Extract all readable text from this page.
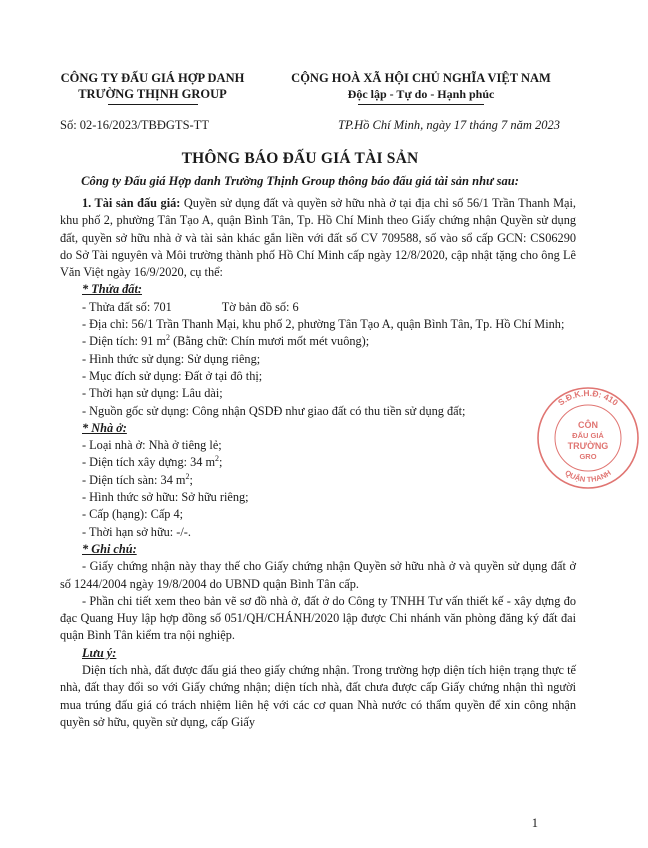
CÔNG TY ĐẤU GIÁ HỢP DANH
TRƯỜNG THỊNH GROUP
CỘNG HOÀ XÃ HỘI CHỦ NGHĨA VIỆT NAM
Độc lập - Tự do - Hạnh phúc
Số: 02-16/2023/TBĐGTS-TT	TP.Hồ Chí Minh, ngày 17 tháng 7 năm 2023
THÔNG BÁO ĐẤU GIÁ TÀI SẢN
Công ty Đấu giá Hợp danh Trường Thịnh Group thông báo đấu giá tài sản như sau:

1. Tài sản đấu giá: Quyền sử dụng đất và quyền sở hữu nhà ở tại địa chỉ số 56/1 Trần Thanh Mại, khu phố 2, phường Tân Tạo A, quận Bình Tân, Tp. Hồ Chí Minh theo Giấy chứng nhận Quyền sử dụng đất, quyền sở hữu nhà ở và tài sản khác gắn liền với đất số CV 709588, số vào sổ cấp GCN: CS06290 do Sở Tài nguyên và Môi trường thành phố Hồ Chí Minh cấp ngày 12/8/2020, cập nhật tặng cho ông Lê Văn Việt ngày 16/9/2020, cụ thể:

* Thửa đất:

- Thửa đất số: 701	Tờ bản đồ số: 6

- Địa chỉ: 56/1 Trần Thanh Mại, khu phố 2, phường Tân Tạo A, quận Bình Tân, Tp. Hồ Chí Minh;

- Diện tích: 91 $m^2$ (Bằng chữ: Chín mươi mốt mét vuông);

- Hình thức sử dụng: Sử dụng riêng;

- Mục đích sử dụng: Đất ở tại đô thị;

- Thời hạn sử dụng: Lâu dài;

- Nguồn gốc sử dụng: Công nhận QSDĐ như giao đất có thu tiền sử dụng đất;

* Nhà ở:

- Loại nhà ở: Nhà ở tiêng lẻ;

- Diện tích xây dựng: 34 $m^2$;

- Diện tích sàn: 34 $m^2$;

- Hình thức sở hữu: Sở hữu riêng;

- Cấp (hạng): Cấp 4;

- Thời hạn sở hữu: -/-.

* Ghi chú:

- Giấy chứng nhận này thay thế cho Giấy chứng nhận Quyền sở hữu nhà ở và quyền sử dụng đất ở số 1244/2004 ngày 19/8/2004 do UBND quận Bình Tân cấp.

- Phần chi tiết xem theo bản vẽ sơ đồ nhà ở, đất ở do Công ty TNHH Tư vấn thiết kế - xây dựng đo đạc Quang Huy lập hợp đồng số 051/QH/CHÁNH/2020 lập được Chi nhánh văn phòng đăng ký đất đai quận Bình Tân kiểm tra nội nghiệp.

Lưu ý:

Diện tích nhà, đất được đấu giá theo giấy chứng nhận. Trong trường hợp diện tích hiện trạng thực tế nhà, đất thay đổi so với Giấy chứng nhận; diện tích nhà, đất chưa được cấp Giấy chứng nhận thì người mua trúng đấu giá có trách nhiệm liên hệ với các cơ quan Nhà nước có thẩm quyền để xin công nhận quyền sở hữu, quyền sử dụng, cấp Giấy

1
S.Đ.K.H.Đ: 410
QUẬN THANH
CÔN
ĐẤU GIÁ
TRƯỜNG
GRO
